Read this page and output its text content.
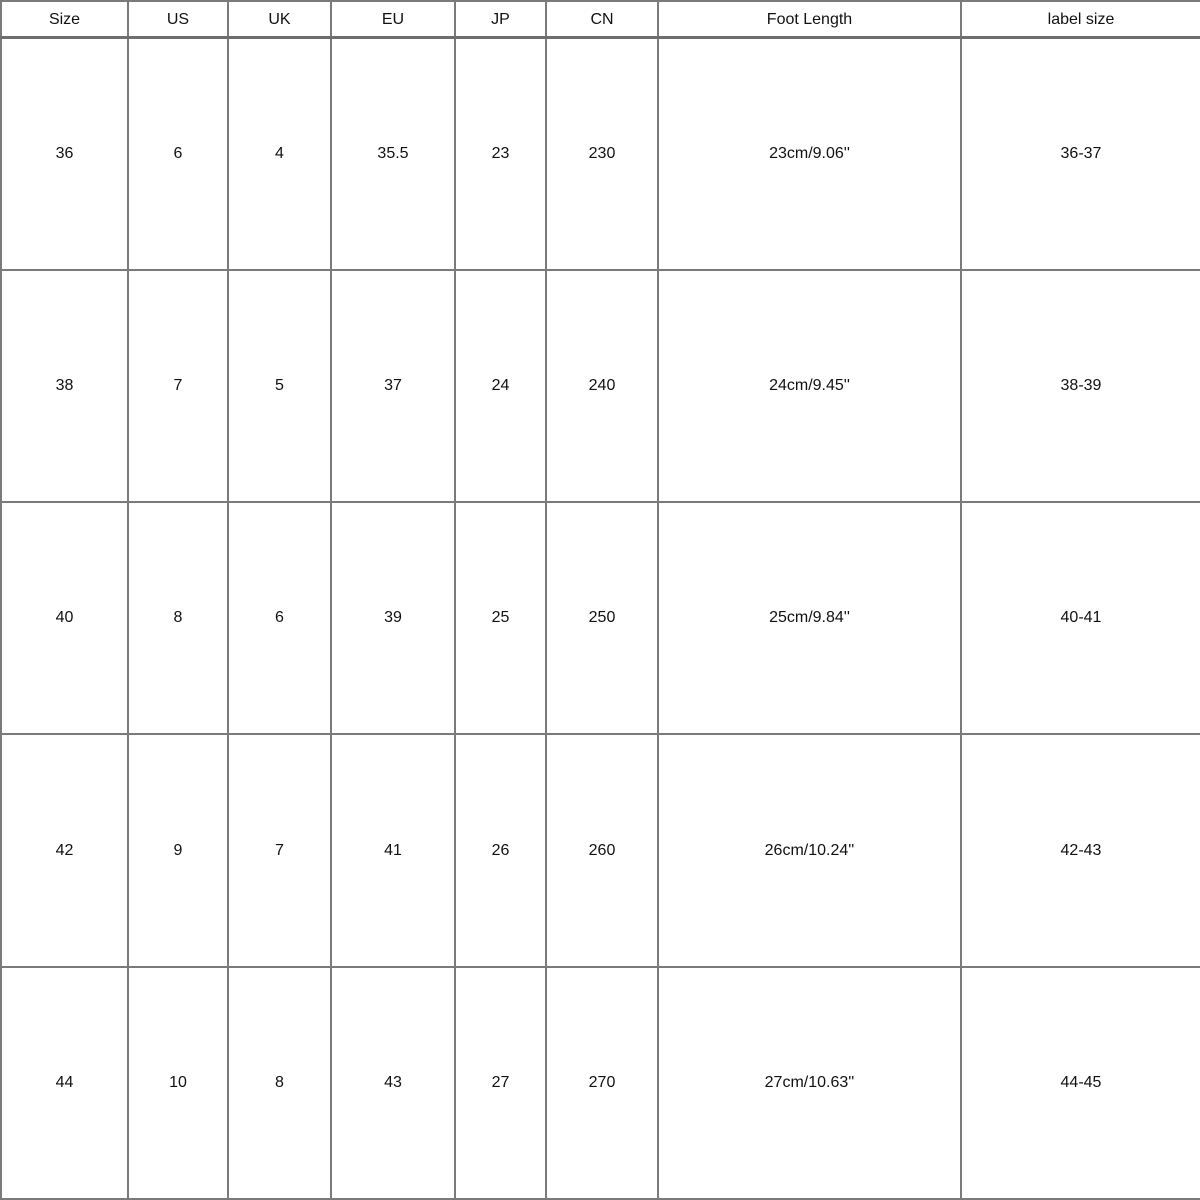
Size	US	UK	EU	JP	CN	Foot Length	label size
36	6	4	35.5	23	230	23cm/9.06''	36-37
38	7	5	37	24	240	24cm/9.45''	38-39
40	8	6	39	25	250	25cm/9.84''	40-41
42	9	7	41	26	260	26cm/10.24''	42-43
44	10	8	43	27	270	27cm/10.63''	44-45
